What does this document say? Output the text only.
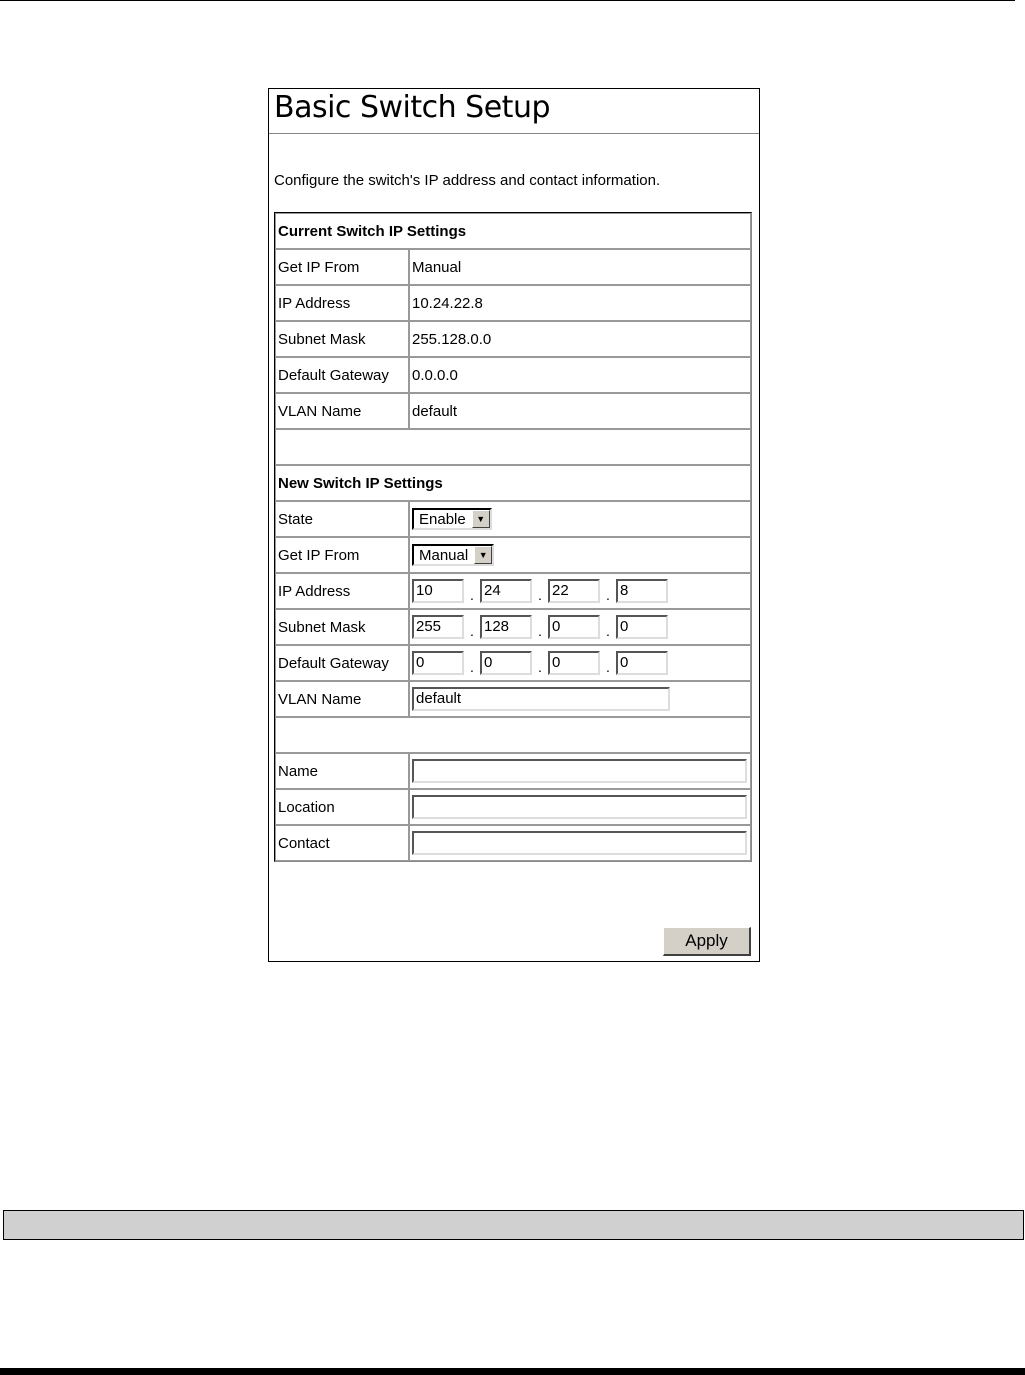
Basic Switch Setup
Configure the switch's IP address and contact information.
Current Switch IP Settings	
Get IP From	Manual
IP Address	10.24.22.8
Subnet Mask	255.128.0.0
Default Gateway	0.0.0.0
VLAN Name	default

New Switch IP Settings	
State	Enable ▼

Get IP From	Manual ▼

IP Address	10 . 24 . 22 . 8
Subnet Mask	255 . 128 . 0 . 0
Default Gateway	0 . 0 . 0 . 0
VLAN Name	default

Name	
Location	
Contact	
Apply
